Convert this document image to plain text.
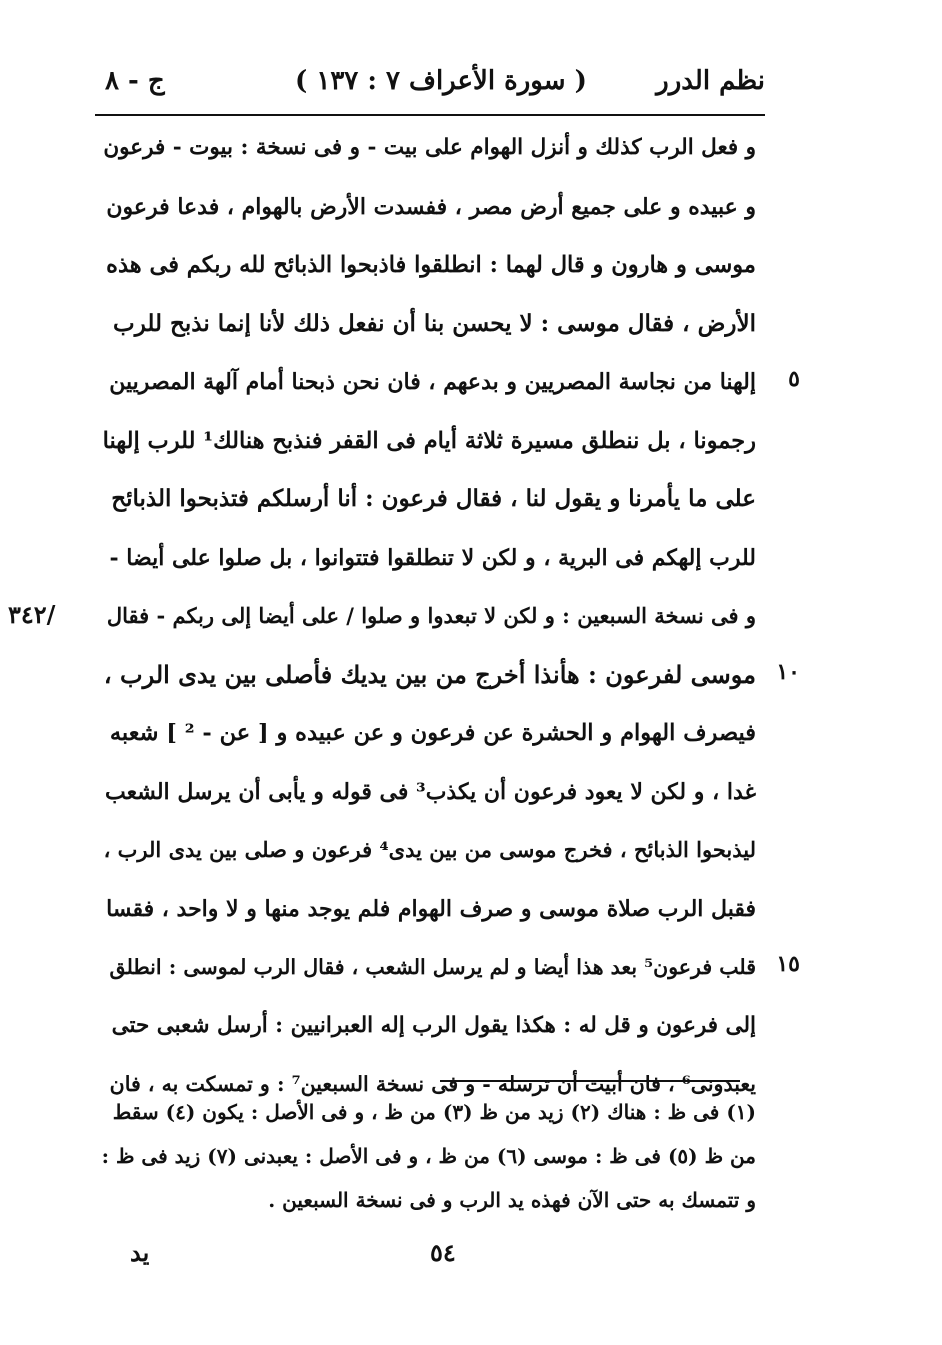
نظم الدرر
( سورة الأعراف ٧ : ١٣٧ )
ج - ٨
و فعل الرب كذلك و أنزل الهوام على بيت - و فى نسخة : بيوت - فرعون
و عبيده و على جميع أرض مصر ، ففسدت الأرض بالهوام ، فدعا فرعون
موسى و هارون و قال لهما : انطلقوا فاذبحوا الذبائح لله ربكم فى هذه
الأرض ، فقال موسى : لا يحسن بنا أن نفعل ذلك لأنا إنما نذبح للرب
٥
إلهنا من نجاسة المصريين و بدعهم ، فان نحن ذبحنا أمام آلهة المصريين
رجمونا ، بل ننطلق مسيرة ثلاثة أيام فى القفر فنذبح هنالك¹ للرب إلهنا
على ما يأمرنا و يقول لنا ، فقال فرعون : أنا أرسلكم فتذبحوا الذبائح
للرب إلهكم فى البرية ، و لكن لا تنطلقوا فتتوانوا ، بل صلوا على أيضا -
/٣٤٢ و فى نسخة السبعين : و لكن لا تبعدوا و صلوا / على أيضا إلى ربكم - فقال
١٠
موسى لفرعون : هأنذا أخرج من بين يديك فأصلى بين يدى الرب ،
فيصرف الهوام و الحشرة عن فرعون و عن عبيده و [ عن - ² ] شعبه
غدا ، و لكن لا يعود فرعون أن يكذب³ فى قوله و يأبى أن يرسل الشعب
ليذبحوا الذبائح ، فخرج موسى من بين يدى⁴ فرعون و صلى بين يدى الرب ،
فقبل الرب صلاة موسى و صرف الهوام فلم يوجد منها و لا واحد ، فقسا
١٥
قلب فرعون⁵ بعد هذا أيضا و لم يرسل الشعب ، فقال الرب لموسى : انطلق
إلى فرعون و قل له : هكذا يقول الرب إله العبرانيين : أرسل شعبى حتى
يعبدونى⁶ ، فان أبيت أن ترسله - و فى نسخة السبعين⁷ : و تمسكت به ، فان
(١) فى ظ : هناك (٢) زيد من ظ (٣) من ظ ، و فى الأصل : يكون (٤) سقط
من ظ (٥) فى ظ : موسى (٦) من ظ ، و فى الأصل : يعبدنى (٧) زيد فى ظ :
و تتمسك به حتى الآن فهذه يد الرب و فى نسخة السبعين .
٥٤
يد
